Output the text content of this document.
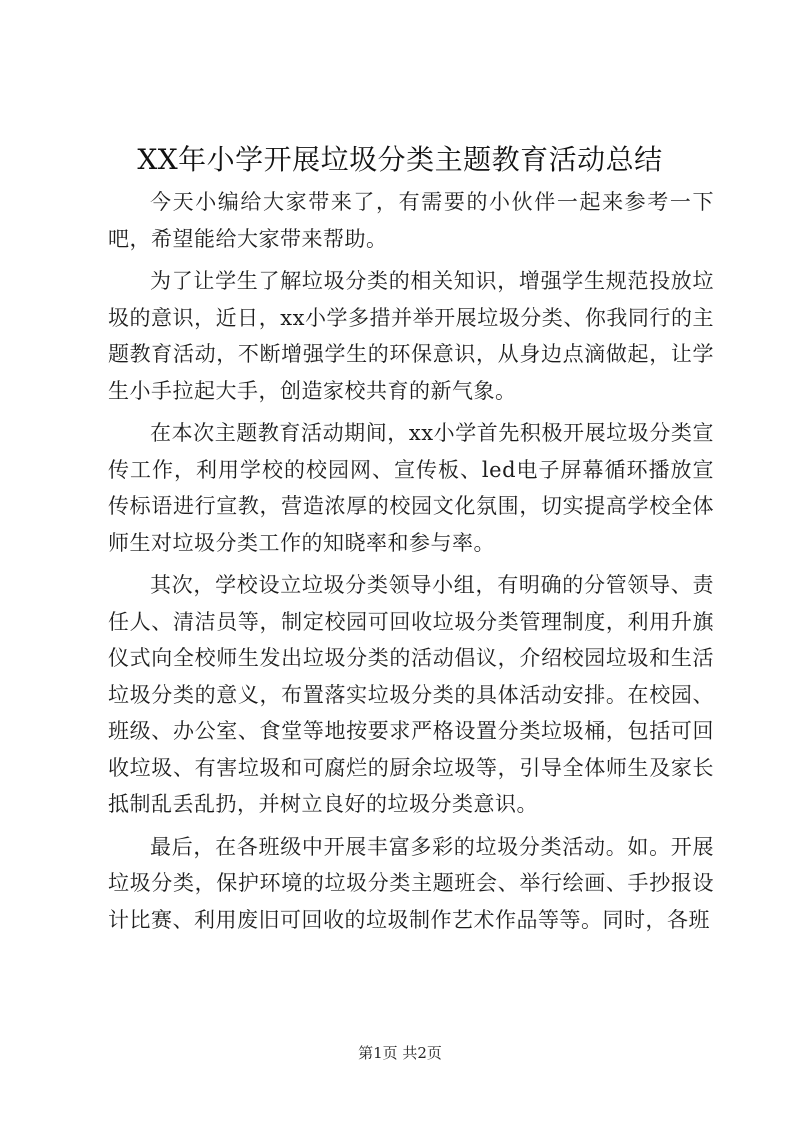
XX年小学开展垃圾分类主题教育活动总结

今天小编给大家带来了，有需要的小伙伴一起来参考一下吧，希望能给大家带来帮助。

为了让学生了解垃圾分类的相关知识，增强学生规范投放垃圾的意识，近日，xx小学多措并举开展垃圾分类、你我同行的主题教育活动，不断增强学生的环保意识，从身边点滴做起，让学生小手拉起大手，创造家校共育的新气象。

在本次主题教育活动期间，xx小学首先积极开展垃圾分类宣传工作，利用学校的校园网、宣传板、led电子屏幕循环播放宣传标语进行宣教，营造浓厚的校园文化氛围，切实提高学校全体师生对垃圾分类工作的知晓率和参与率。

其次，学校设立垃圾分类领导小组，有明确的分管领导、责任人、清洁员等，制定校园可回收垃圾分类管理制度，利用升旗仪式向全校师生发出垃圾分类的活动倡议，介绍校园垃圾和生活垃圾分类的意义，布置落实垃圾分类的具体活动安排。在校园、班级、办公室、食堂等地按要求严格设置分类垃圾桶，包括可回收垃圾、有害垃圾和可腐烂的厨余垃圾等，引导全体师生及家长抵制乱丢乱扔，并树立良好的垃圾分类意识。

最后，在各班级中开展丰富多彩的垃圾分类活动。如。开展垃圾分类，保护环境的垃圾分类主题班会、举行绘画、手抄报设计比赛、利用废旧可回收的垃圾制作艺术作品等等。同时，各班

第1页 共2页
